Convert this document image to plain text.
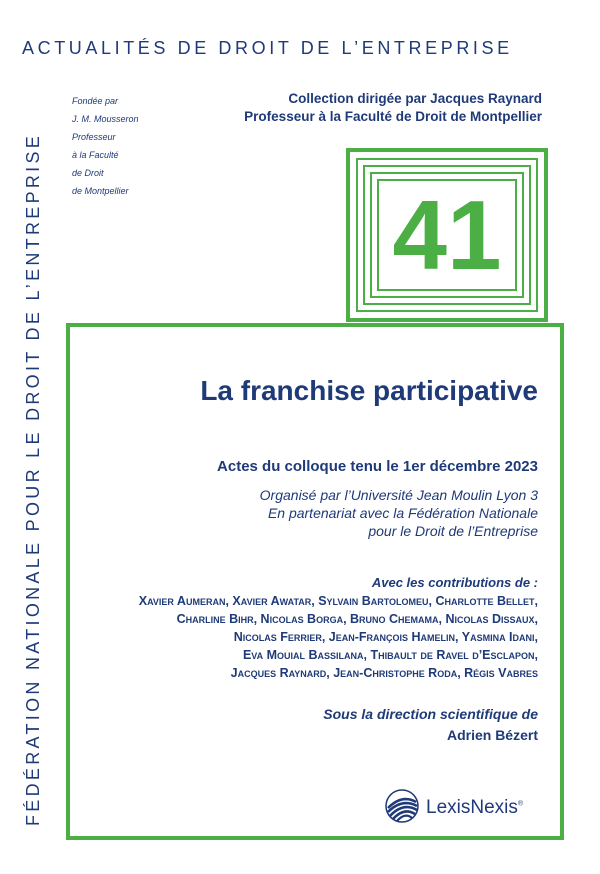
ACTUALITÉS DE DROIT DE L’ENTREPRISE
FÉDÉRATION NATIONALE POUR LE DROIT DE L’ENTREPRISE
Fondée par
J. M. Mousseron
Professeur
à la Faculté
de Droit
de Montpellier
Collection dirigée par Jacques Raynard
Professeur à la Faculté de Droit de Montpellier
41
La franchise participative
Actes du colloque tenu le 1er décembre 2023
Organisé par l’Université Jean Moulin Lyon 3
En partenariat avec la Fédération Nationale
pour le Droit de l’Entreprise
Avec les contributions de :
Xavier Aumeran, Xavier Awatar, Sylvain Bartolomeu, Charlotte Bellet,
Charline Bihr, Nicolas Borga, Bruno Chemama, Nicolas Dissaux,
Nicolas Ferrier, Jean-François Hamelin, Yasmina Idani,
Eva Mouial Bassilana, Thibault de Ravel d’Esclapon,
Jacques Raynard, Jean-Christophe Roda, Régis Vabres
Sous la direction scientifique de
Adrien Bézert
LexisNexis®
